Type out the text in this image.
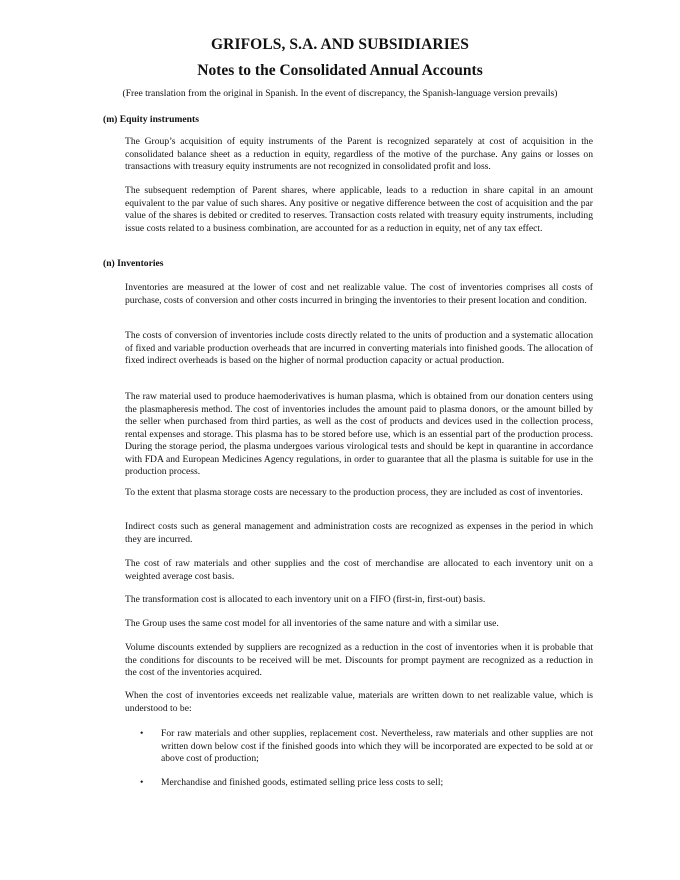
GRIFOLS, S.A. AND SUBSIDIARIES
Notes to the Consolidated Annual Accounts
(Free translation from the original in Spanish. In the event of discrepancy, the Spanish-language version prevails)
(m) Equity instruments

The Group’s acquisition of equity instruments of the Parent is recognized separately at cost of acquisition in the consolidated balance sheet as a reduction in equity, regardless of the motive of the purchase. Any gains or losses on transactions with treasury equity instruments are not recognized in consolidated profit and loss.

The subsequent redemption of Parent shares, where applicable, leads to a reduction in share capital in an amount equivalent to the par value of such shares. Any positive or negative difference between the cost of acquisition and the par value of the shares is debited or credited to reserves. Transaction costs related with treasury equity instruments, including issue costs related to a business combination, are accounted for as a reduction in equity, net of any tax effect.

(n) Inventories

Inventories are measured at the lower of cost and net realizable value. The cost of inventories comprises all costs of purchase, costs of conversion and other costs incurred in bringing the inventories to their present location and condition.

The costs of conversion of inventories include costs directly related to the units of production and a systematic allocation of fixed and variable production overheads that are incurred in converting materials into finished goods. The allocation of fixed indirect overheads is based on the higher of normal production capacity or actual production.

The raw material used to produce haemoderivatives is human plasma, which is obtained from our donation centers using the plasmapheresis method. The cost of inventories includes the amount paid to plasma donors, or the amount billed by the seller when purchased from third parties, as well as the cost of products and devices used in the collection process, rental expenses and storage. This plasma has to be stored before use, which is an essential part of the production process. During the storage period, the plasma undergoes various virological tests and should be kept in quarantine in accordance with FDA and European Medicines Agency regulations, in order to guarantee that all the plasma is suitable for use in the production process.

To the extent that plasma storage costs are necessary to the production process, they are included as cost of inventories.

Indirect costs such as general management and administration costs are recognized as expenses in the period in which they are incurred.

The cost of raw materials and other supplies and the cost of merchandise are allocated to each inventory unit on a weighted average cost basis.

The transformation cost is allocated to each inventory unit on a FIFO (first-in, first-out) basis.

The Group uses the same cost model for all inventories of the same nature and with a similar use.

Volume discounts extended by suppliers are recognized as a reduction in the cost of inventories when it is probable that the conditions for discounts to be received will be met. Discounts for prompt payment are recognized as a reduction in the cost of the inventories acquired.

When the cost of inventories exceeds net realizable value, materials are written down to net realizable value, which is understood to be:

•	For raw materials and other supplies, replacement cost. Nevertheless, raw materials and other supplies are not written down below cost if the finished goods into which they will be incorporated are expected to be sold at or above cost of production;

•	Merchandise and finished goods, estimated selling price less costs to sell;
